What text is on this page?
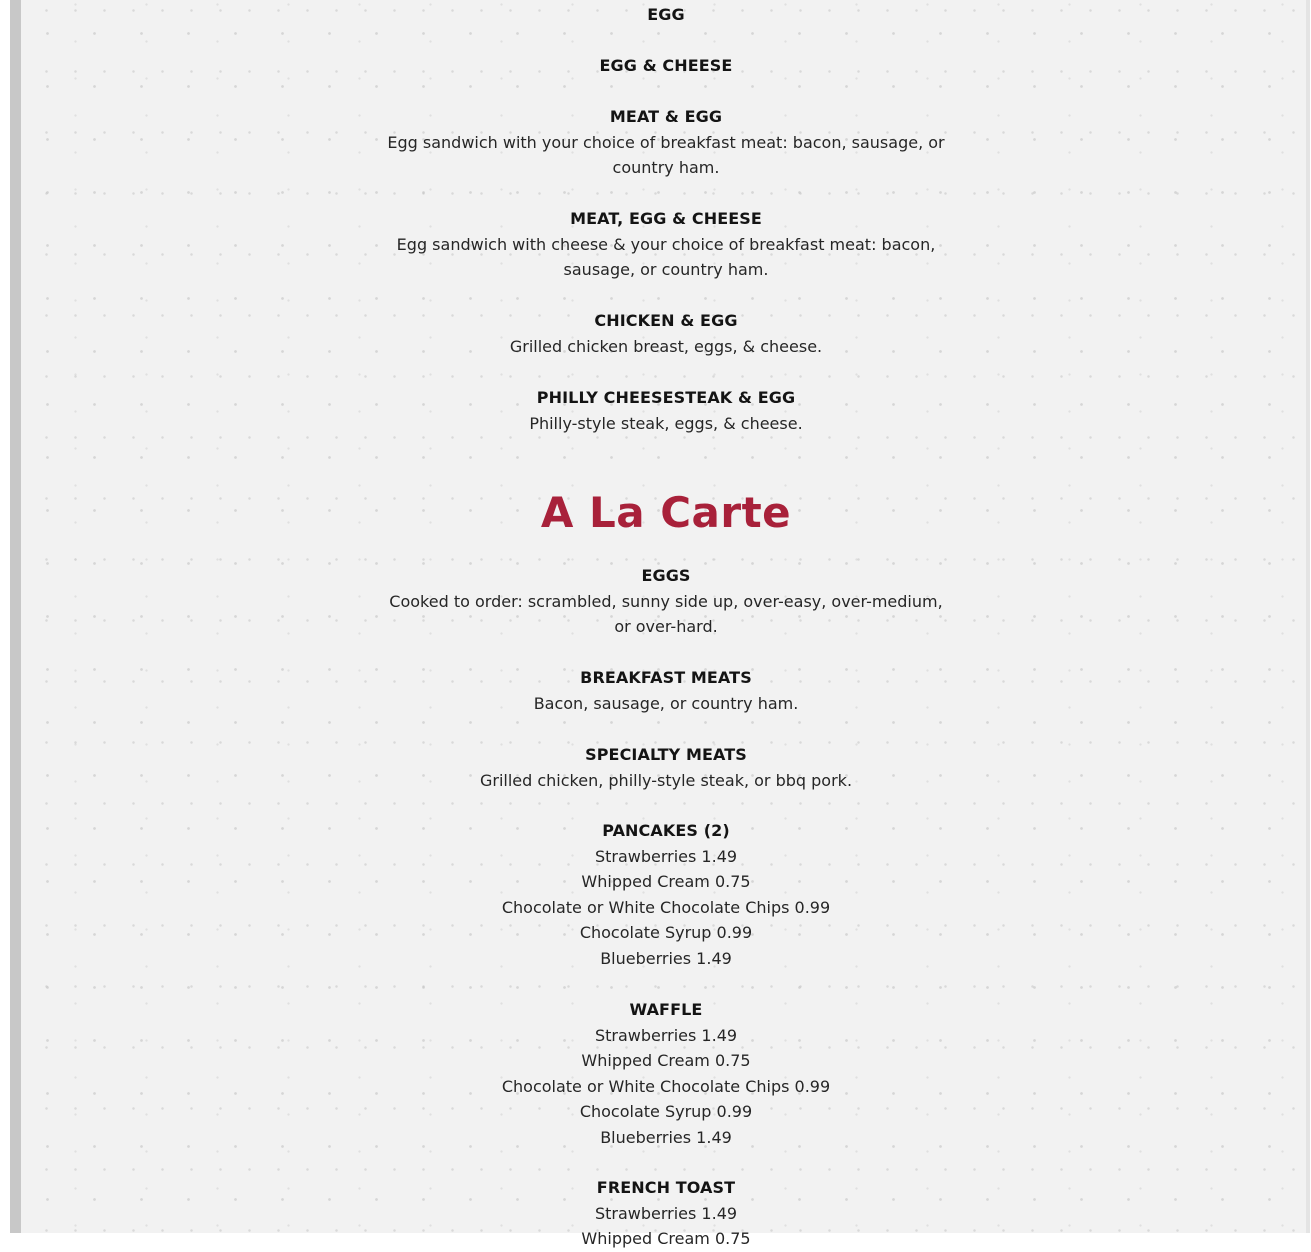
EGG
EGG & CHEESE
MEAT & EGG
Egg sandwich with your choice of breakfast meat: bacon, sausage, or country ham.
MEAT, EGG & CHEESE
Egg sandwich with cheese & your choice of breakfast meat: bacon, sausage, or country ham.
CHICKEN & EGG
Grilled chicken breast, eggs, & cheese.
PHILLY CHEESESTEAK & EGG
Philly-style steak, eggs, & cheese.
A La Carte
EGGS
Cooked to order: scrambled, sunny side up, over-easy, over-medium, or over-hard.
BREAKFAST MEATS
Bacon, sausage, or country ham.
SPECIALTY MEATS
Grilled chicken, philly-style steak, or bbq pork.
PANCAKES (2)
Strawberries 1.49
Whipped Cream 0.75
Chocolate or White Chocolate Chips 0.99
Chocolate Syrup 0.99
Blueberries 1.49
WAFFLE
Strawberries 1.49
Whipped Cream 0.75
Chocolate or White Chocolate Chips 0.99
Chocolate Syrup 0.99
Blueberries 1.49
FRENCH TOAST
Strawberries 1.49
Whipped Cream 0.75
